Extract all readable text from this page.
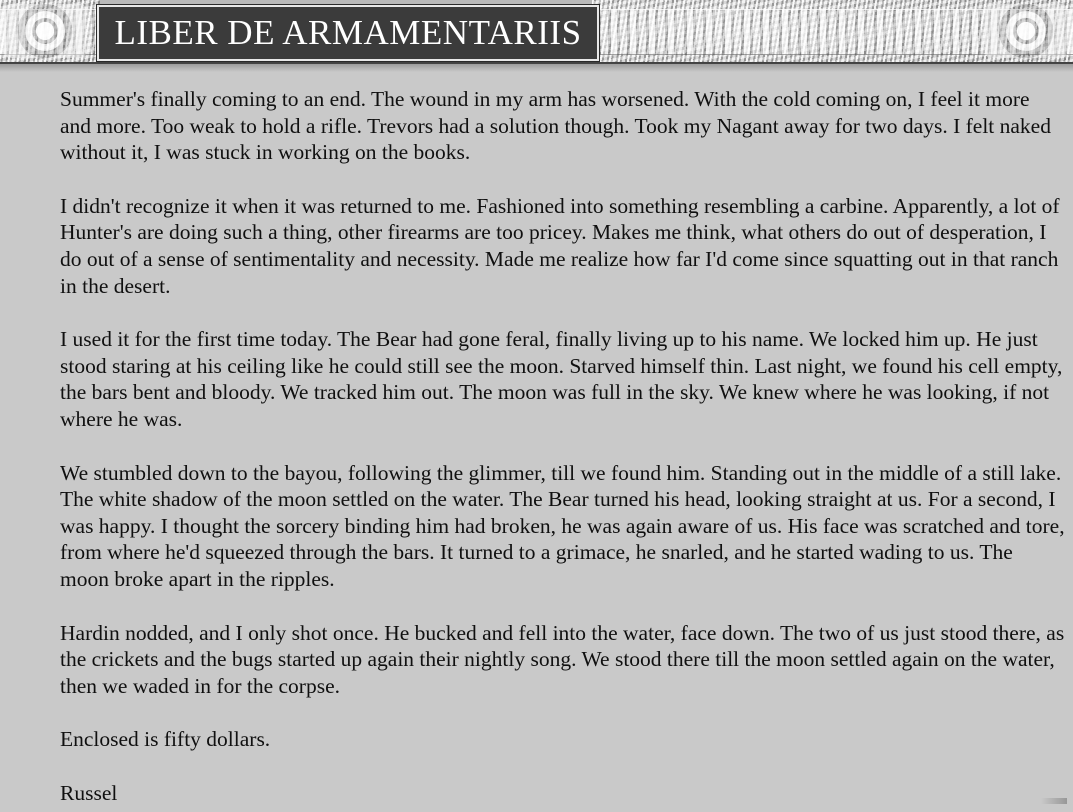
LIBER DE ARMAMENTARIIS

Summer's finally coming to an end. The wound in my arm has worsened. With the cold coming on, I feel it more and more. Too weak to hold a rifle. Trevors had a solution though. Took my Nagant away for two days. I felt naked without it, I was stuck in working on the books.

I didn't recognize it when it was returned to me. Fashioned into something resembling a carbine. Apparently, a lot of Hunter's are doing such a thing, other firearms are too pricey. Makes me think, what others do out of desperation, I do out of a sense of sentimentality and necessity. Made me realize how far I'd come since squatting out in that ranch in the desert.

I used it for the first time today. The Bear had gone feral, finally living up to his name. We locked him up. He just stood staring at his ceiling like he could still see the moon. Starved himself thin. Last night, we found his cell empty, the bars bent and bloody. We tracked him out. The moon was full in the sky. We knew where he was looking, if not where he was.

We stumbled down to the bayou, following the glimmer, till we found him. Standing out in the middle of a still lake. The white shadow of the moon settled on the water. The Bear turned his head, looking straight at us. For a second, I was happy. I thought the sorcery binding him had broken, he was again aware of us. His face was scratched and tore, from where he'd squeezed through the bars. It turned to a grimace, he snarled, and he started wading to us. The moon broke apart in the ripples.

Hardin nodded, and I only shot once. He bucked and fell into the water, face down. The two of us just stood there, as the crickets and the bugs started up again their nightly song. We stood there till the moon settled again on the water, then we waded in for the corpse.

Enclosed is fifty dollars.

Russel
